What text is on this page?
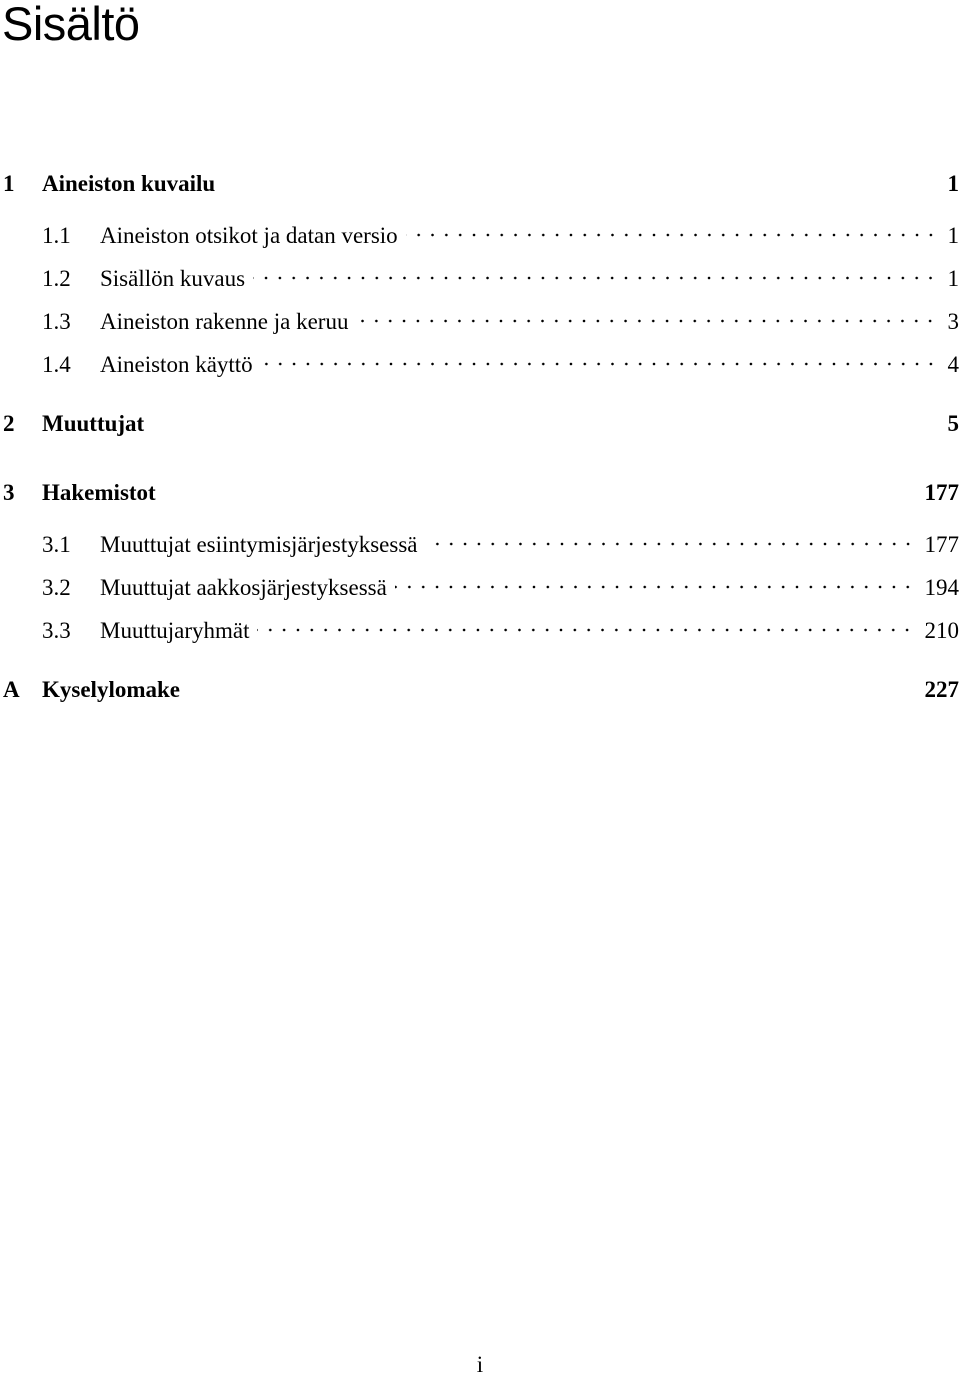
Sisältö
1	Aineiston kuvailu	1
1.1	Aineiston otsikot ja datan versio	1
1.2	Sisällön kuvaus	1
1.3	Aineiston rakenne ja keruu	3
1.4	Aineiston käyttö	4
2	Muuttujat	5
3	Hakemistot	177
3.1	Muuttujat esiintymisjärjestyksessä	177
3.2	Muuttujat aakkosjärjestyksessä	194
3.3	Muuttujaryhmät	210
A Kyselylomake	227
i
